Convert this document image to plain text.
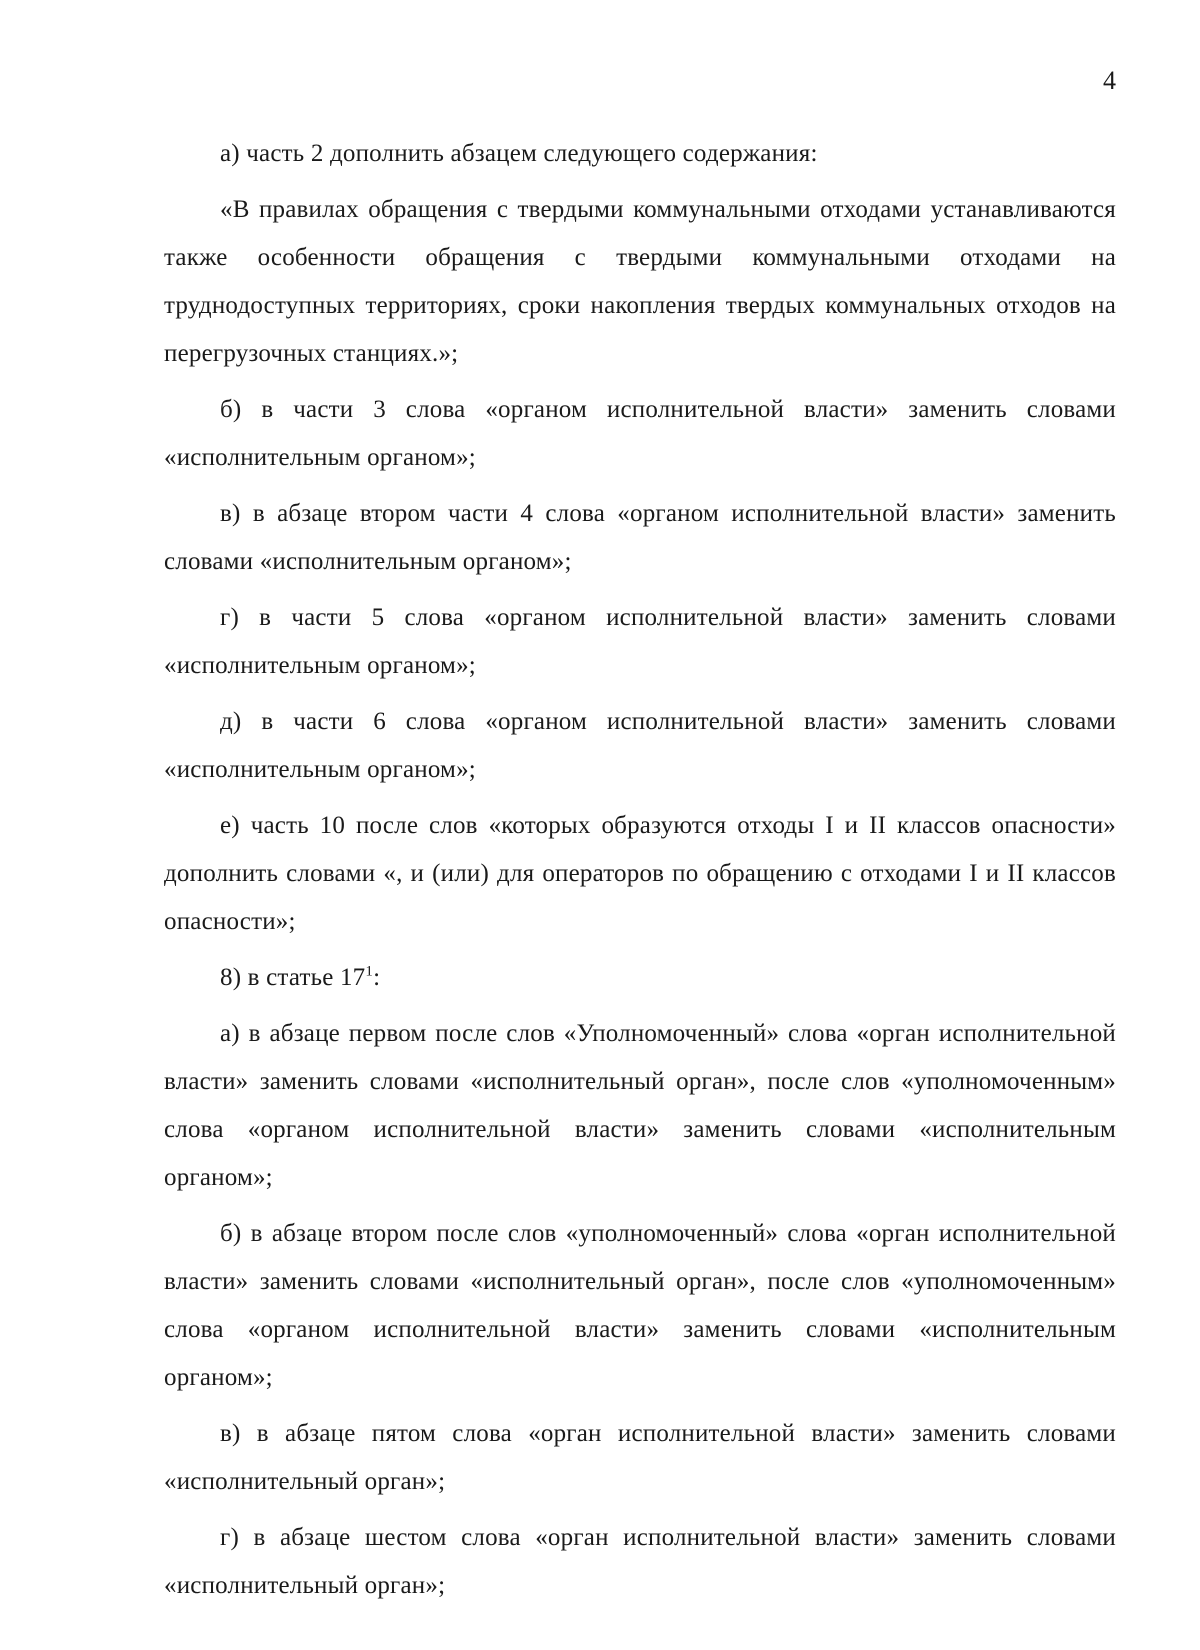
4

а) часть 2 дополнить абзацем следующего содержания:

«В правилах обращения с твердыми коммунальными отходами устанавливаются также особенности обращения с твердыми коммунальными отходами на труднодоступных территориях, сроки накопления твердых коммунальных отходов на перегрузочных станциях.»;

б) в части 3 слова «органом исполнительной власти» заменить словами «исполнительным органом»;

в) в абзаце втором части 4 слова «органом исполнительной власти» заменить словами «исполнительным органом»;

г) в части 5 слова «органом исполнительной власти» заменить словами «исполнительным органом»;

д) в части 6 слова «органом исполнительной власти» заменить словами «исполнительным органом»;

е) часть 10 после слов «которых образуются отходы I и II классов опасности» дополнить словами «, и (или) для операторов по обращению с отходами I и II классов опасности»;

8) в статье $17^1$:

а) в абзаце первом после слов «Уполномоченный» слова «орган исполнительной власти» заменить словами «исполнительный орган», после слов «уполномоченным» слова «органом исполнительной власти» заменить словами «исполнительным органом»;

б) в абзаце втором после слов «уполномоченный» слова «орган исполнительной власти» заменить словами «исполнительный орган», после слов «уполномоченным» слова «органом исполнительной власти» заменить словами «исполнительным органом»;

в) в абзаце пятом слова «орган исполнительной власти» заменить словами «исполнительный орган»;

г) в абзаце шестом слова «орган исполнительной власти» заменить словами «исполнительный орган»;
